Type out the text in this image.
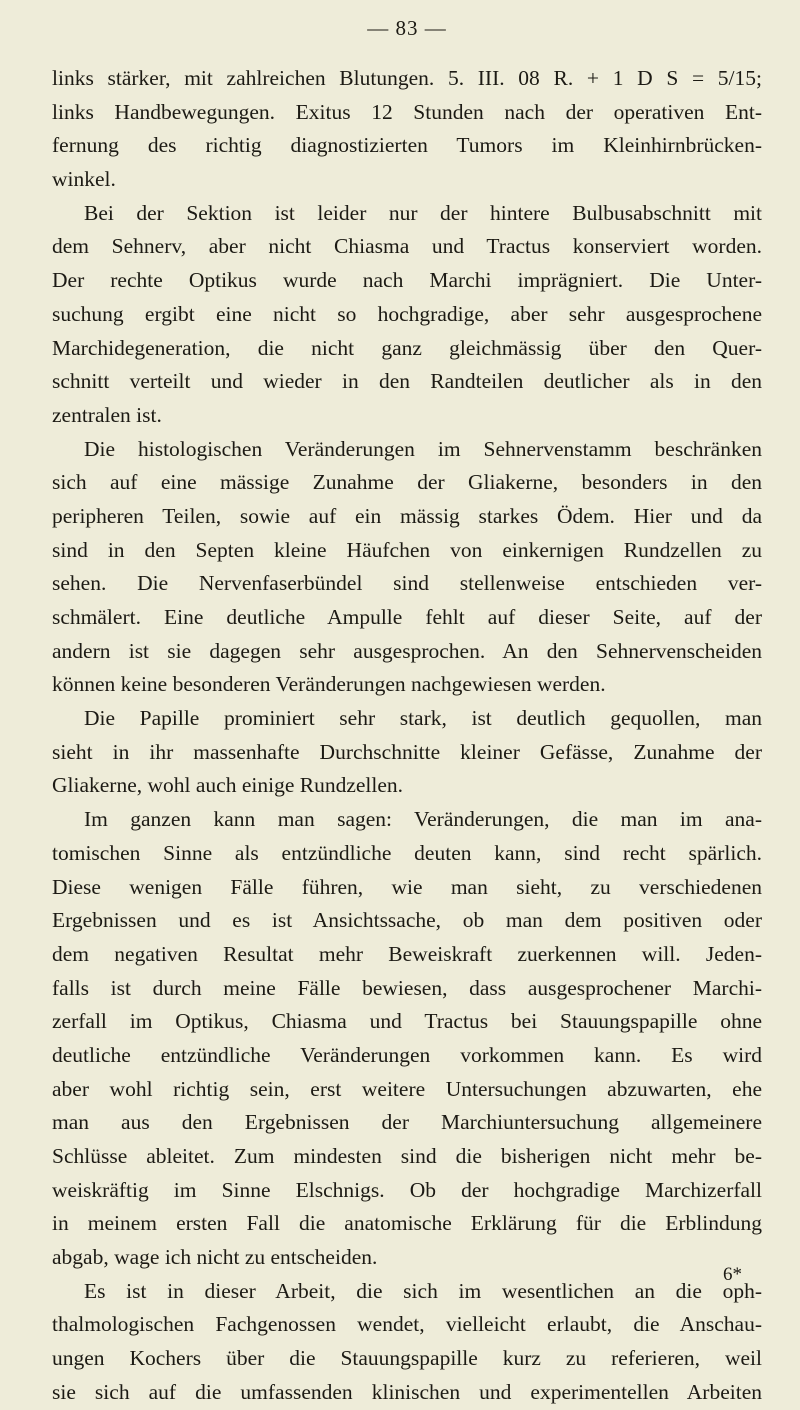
— 83 —
links stärker, mit zahlreichen Blutungen. 5. III. 08 R. + 1 D S = 5/15;
links Handbewegungen. Exitus 12 Stunden nach der operativen Ent-
fernung des richtig diagnostizierten Tumors im Kleinhirnbrücken-
winkel.
Bei der Sektion ist leider nur der hintere Bulbusabschnitt mit
dem Sehnerv, aber nicht Chiasma und Tractus konserviert worden.
Der rechte Optikus wurde nach Marchi imprägniert. Die Unter-
suchung ergibt eine nicht so hochgradige, aber sehr ausgesprochene
Marchidegeneration, die nicht ganz gleichmässig über den Quer-
schnitt verteilt und wieder in den Randteilen deutlicher als in den
zentralen ist.
Die histologischen Veränderungen im Sehnervenstamm beschränken
sich auf eine mässige Zunahme der Gliakerne, besonders in den
peripheren Teilen, sowie auf ein mässig starkes Ödem. Hier und da
sind in den Septen kleine Häufchen von einkernigen Rundzellen zu
sehen. Die Nervenfaserbündel sind stellenweise entschieden ver-
schmälert. Eine deutliche Ampulle fehlt auf dieser Seite, auf der
andern ist sie dagegen sehr ausgesprochen. An den Sehnervenscheiden
können keine besonderen Veränderungen nachgewiesen werden.
Die Papille prominiert sehr stark, ist deutlich gequollen, man
sieht in ihr massenhafte Durchschnitte kleiner Gefässe, Zunahme der
Gliakerne, wohl auch einige Rundzellen.
Im ganzen kann man sagen: Veränderungen, die man im ana-
tomischen Sinne als entzündliche deuten kann, sind recht spärlich.
Diese wenigen Fälle führen, wie man sieht, zu verschiedenen
Ergebnissen und es ist Ansichtssache, ob man dem positiven oder
dem negativen Resultat mehr Beweiskraft zuerkennen will. Jeden-
falls ist durch meine Fälle bewiesen, dass ausgesprochener Marchi-
zerfall im Optikus, Chiasma und Tractus bei Stauungspapille ohne
deutliche entzündliche Veränderungen vorkommen kann. Es wird
aber wohl richtig sein, erst weitere Untersuchungen abzuwarten, ehe
man aus den Ergebnissen der Marchiuntersuchung allgemeinere
Schlüsse ableitet. Zum mindesten sind die bisherigen nicht mehr be-
weiskräftig im Sinne Elschnigs. Ob der hochgradige Marchizerfall
in meinem ersten Fall die anatomische Erklärung für die Erblindung
abgab, wage ich nicht zu entscheiden.
Es ist in dieser Arbeit, die sich im wesentlichen an die oph-
thalmologischen Fachgenossen wendet, vielleicht erlaubt, die Anschau-
ungen Kochers über die Stauungspapille kurz zu referieren, weil
sie sich auf die umfassenden klinischen und experimentellen Arbeiten
6*
